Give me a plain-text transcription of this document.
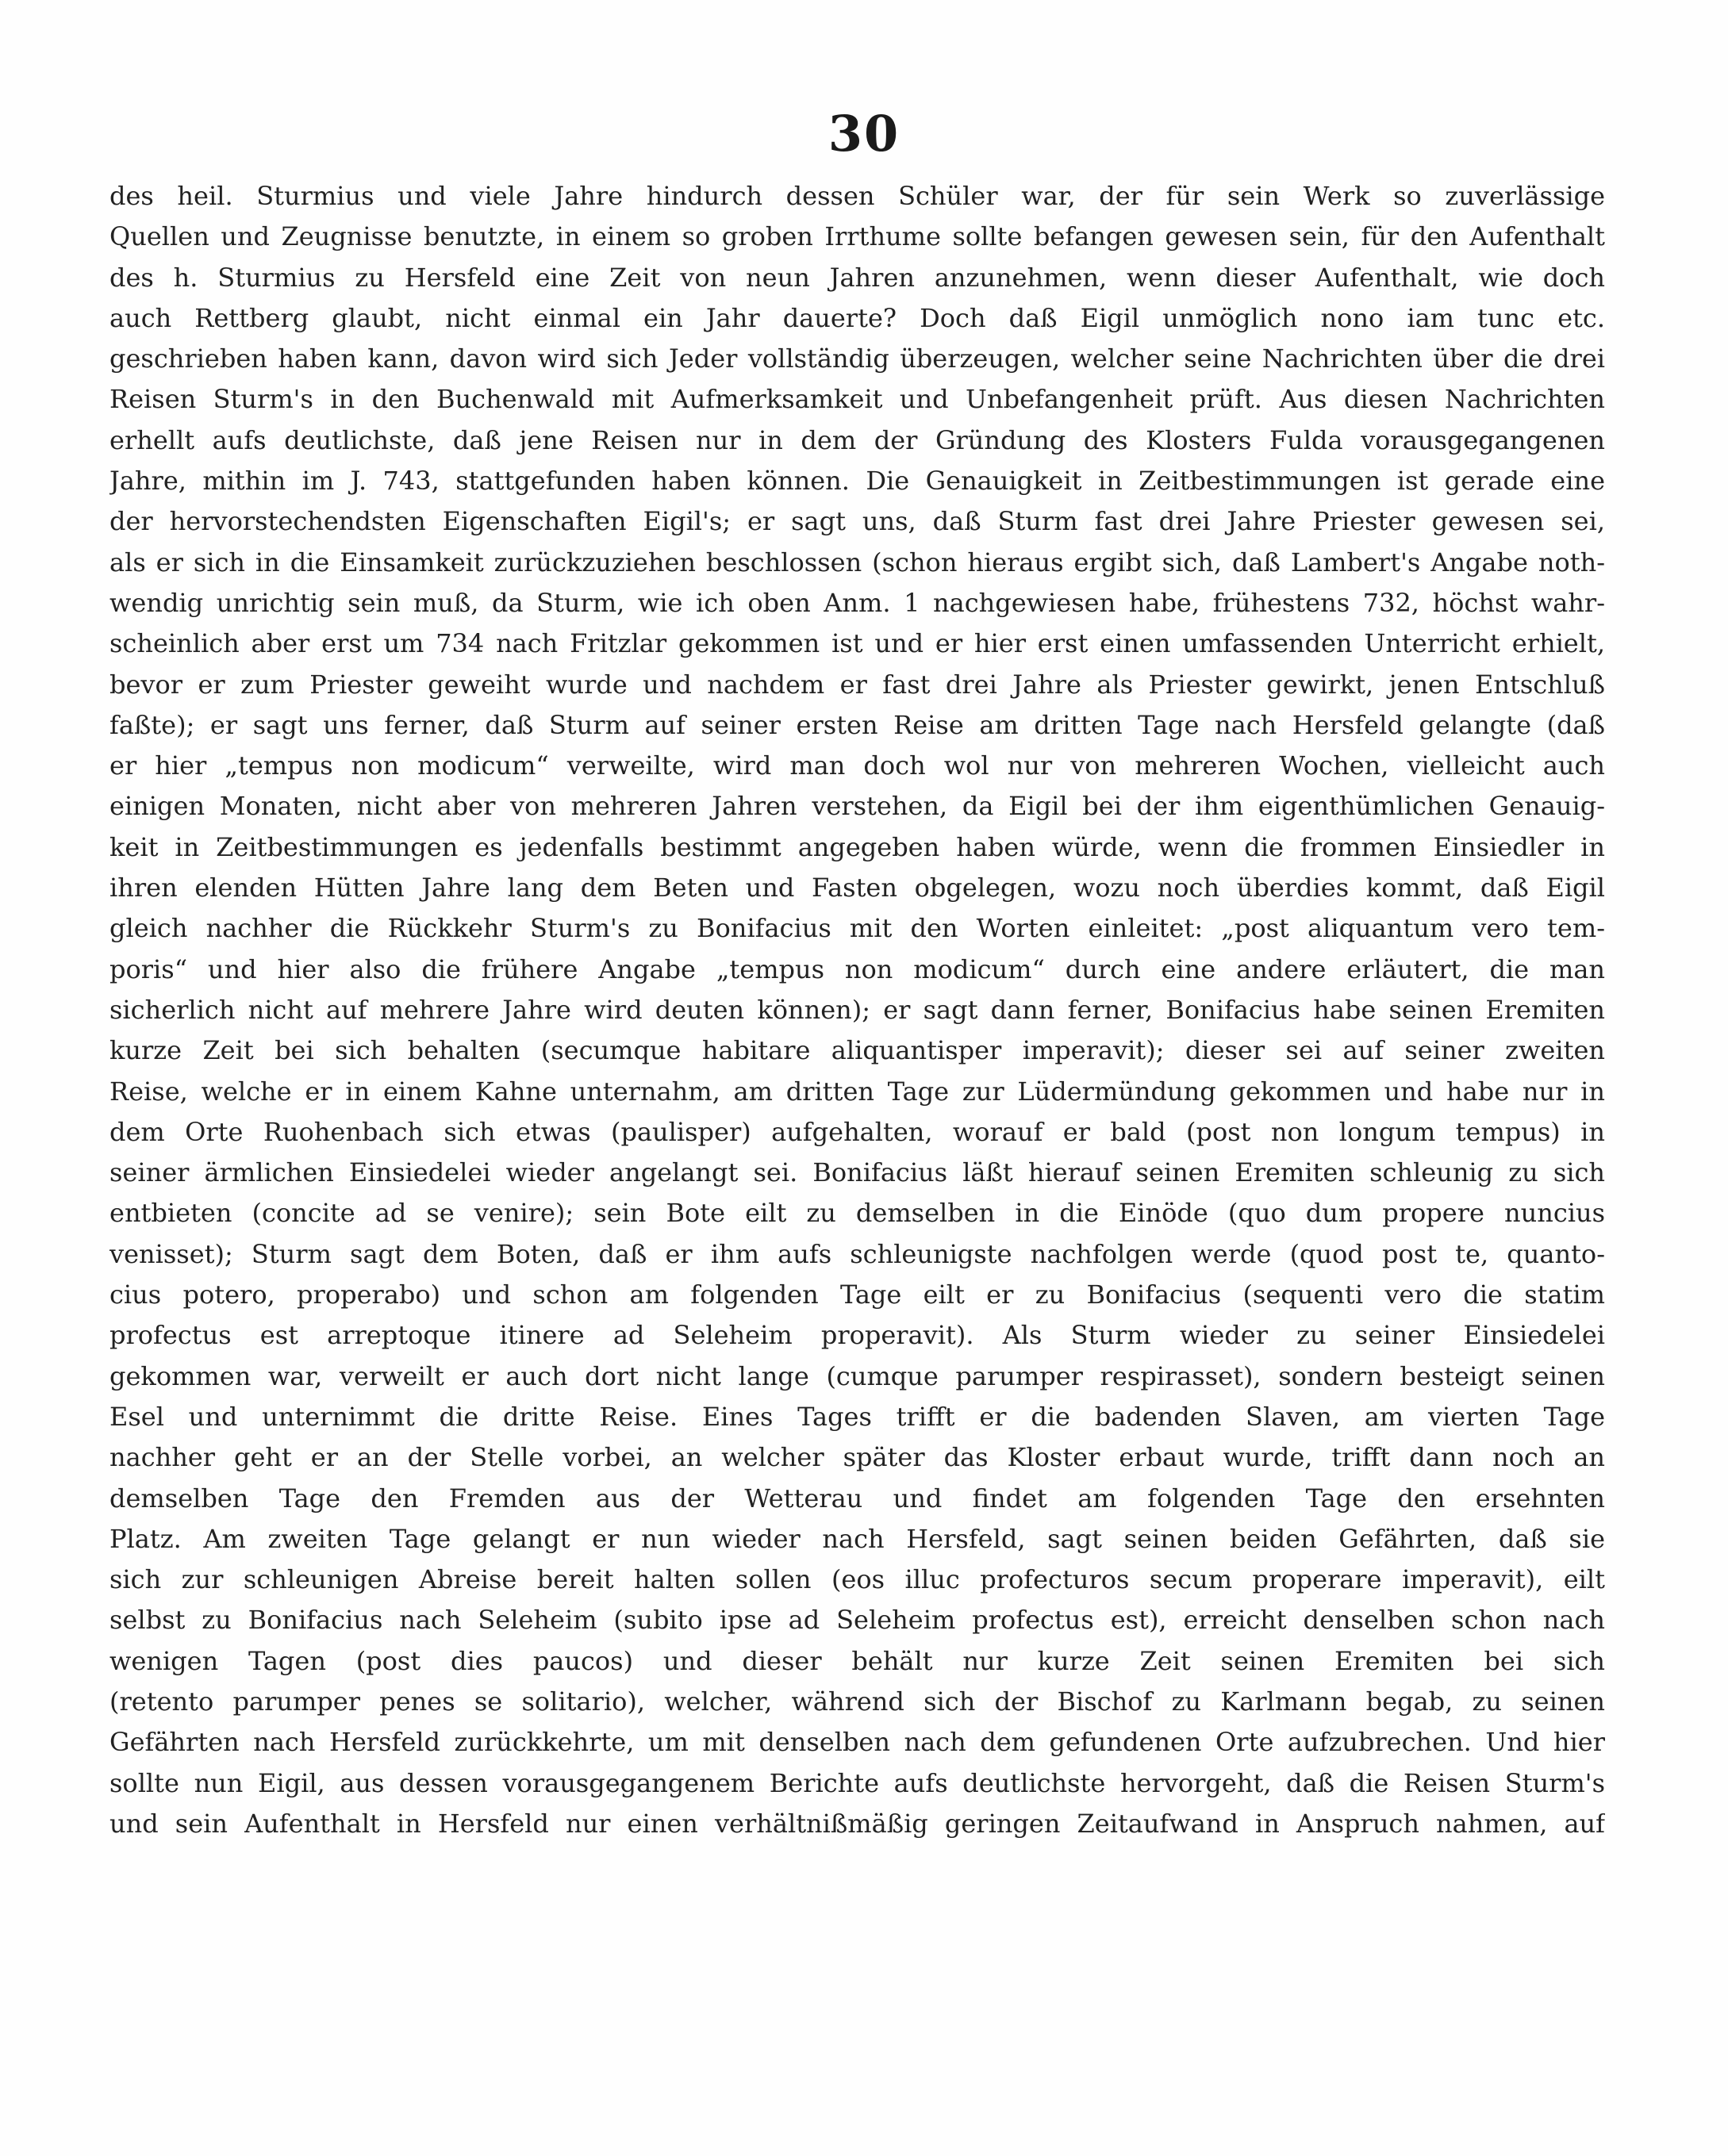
30
des heil. Sturmius und viele Jahre hindurch dessen Schüler war, der für sein Werk so zuverlässige
Quellen und Zeugnisse benutzte, in einem so groben Irrthume sollte befangen gewesen sein, für den Aufenthalt
des h. Sturmius zu Hersfeld eine Zeit von neun Jahren anzunehmen, wenn dieser Aufenthalt, wie doch
auch Rettberg glaubt, nicht einmal ein Jahr dauerte? Doch daß Eigil unmöglich nono iam tunc etc.
geschrieben haben kann, davon wird sich Jeder vollständig überzeugen, welcher seine Nachrichten über die drei
Reisen Sturm's in den Buchenwald mit Aufmerksamkeit und Unbefangenheit prüft. Aus diesen Nachrichten
erhellt aufs deutlichste, daß jene Reisen nur in dem der Gründung des Klosters Fulda vorausgegangenen
Jahre, mithin im J. 743, stattgefunden haben können. Die Genauigkeit in Zeitbestimmungen ist gerade eine
der hervorstechendsten Eigenschaften Eigil's; er sagt uns, daß Sturm fast drei Jahre Priester gewesen sei,
als er sich in die Einsamkeit zurückzuziehen beschlossen (schon hieraus ergibt sich, daß Lambert's Angabe noth-
wendig unrichtig sein muß, da Sturm, wie ich oben Anm. 1 nachgewiesen habe, frühestens 732, höchst wahr-
scheinlich aber erst um 734 nach Fritzlar gekommen ist und er hier erst einen umfassenden Unterricht erhielt,
bevor er zum Priester geweiht wurde und nachdem er fast drei Jahre als Priester gewirkt, jenen Entschluß
faßte); er sagt uns ferner, daß Sturm auf seiner ersten Reise am dritten Tage nach Hersfeld gelangte (daß
er hier „tempus non modicum“ verweilte, wird man doch wol nur von mehreren Wochen, vielleicht auch
einigen Monaten, nicht aber von mehreren Jahren verstehen, da Eigil bei der ihm eigenthümlichen Genauig-
keit in Zeitbestimmungen es jedenfalls bestimmt angegeben haben würde, wenn die frommen Einsiedler in
ihren elenden Hütten Jahre lang dem Beten und Fasten obgelegen, wozu noch überdies kommt, daß Eigil
gleich nachher die Rückkehr Sturm's zu Bonifacius mit den Worten einleitet: „post aliquantum vero tem-
poris“ und hier also die frühere Angabe „tempus non modicum“ durch eine andere erläutert, die man
sicherlich nicht auf mehrere Jahre wird deuten können); er sagt dann ferner, Bonifacius habe seinen Eremiten
kurze Zeit bei sich behalten (secumque habitare aliquantisper imperavit); dieser sei auf seiner zweiten
Reise, welche er in einem Kahne unternahm, am dritten Tage zur Lüdermündung gekommen und habe nur in
dem Orte Ruohenbach sich etwas (paulisper) aufgehalten, worauf er bald (post non longum tempus) in
seiner ärmlichen Einsiedelei wieder angelangt sei. Bonifacius läßt hierauf seinen Eremiten schleunig zu sich
entbieten (concite ad se venire); sein Bote eilt zu demselben in die Einöde (quo dum propere nuncius
venisset); Sturm sagt dem Boten, daß er ihm aufs schleunigste nachfolgen werde (quod post te, quanto-
cius potero, properabo) und schon am folgenden Tage eilt er zu Bonifacius (sequenti vero die statim
profectus est arreptoque itinere ad Seleheim properavit). Als Sturm wieder zu seiner Einsiedelei
gekommen war, verweilt er auch dort nicht lange (cumque parumper respirasset), sondern besteigt seinen
Esel und unternimmt die dritte Reise. Eines Tages trifft er die badenden Slaven, am vierten Tage
nachher geht er an der Stelle vorbei, an welcher später das Kloster erbaut wurde, trifft dann noch an
demselben Tage den Fremden aus der Wetterau und findet am folgenden Tage den ersehnten
Platz. Am zweiten Tage gelangt er nun wieder nach Hersfeld, sagt seinen beiden Gefährten, daß sie
sich zur schleunigen Abreise bereit halten sollen (eos illuc profecturos secum properare imperavit), eilt
selbst zu Bonifacius nach Seleheim (subito ipse ad Seleheim profectus est), erreicht denselben schon nach
wenigen Tagen (post dies paucos) und dieser behält nur kurze Zeit seinen Eremiten bei sich
(retento parumper penes se solitario), welcher, während sich der Bischof zu Karlmann begab, zu seinen
Gefährten nach Hersfeld zurückkehrte, um mit denselben nach dem gefundenen Orte aufzubrechen. Und hier
sollte nun Eigil, aus dessen vorausgegangenem Berichte aufs deutlichste hervorgeht, daß die Reisen Sturm's
und sein Aufenthalt in Hersfeld nur einen verhältnißmäßig geringen Zeitaufwand in Anspruch nahmen, auf
